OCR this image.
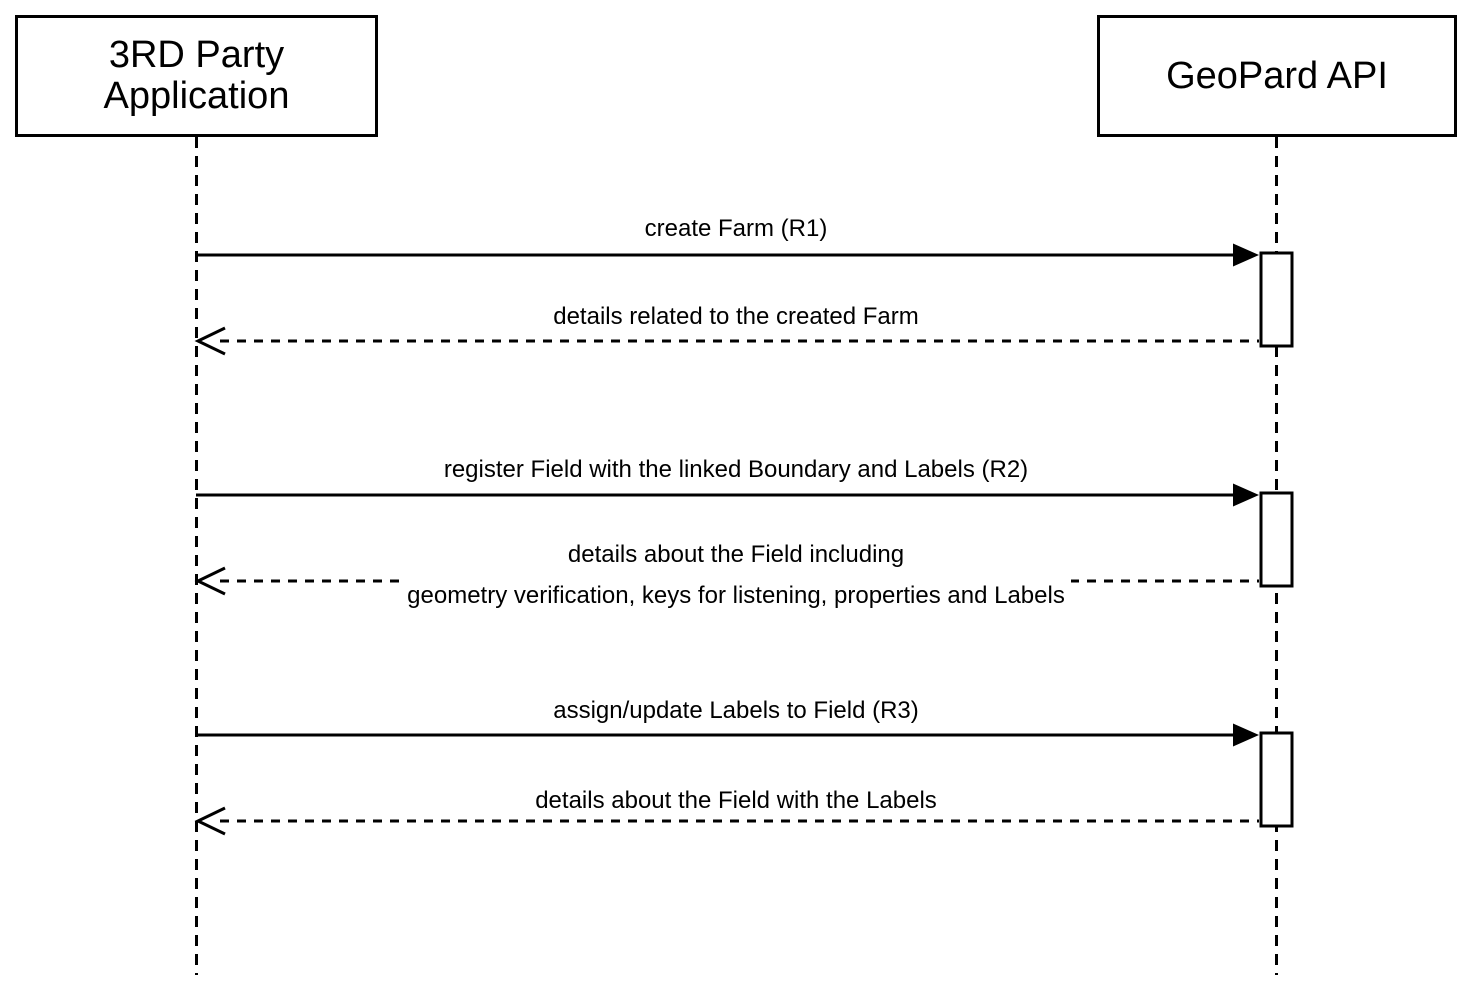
3RD Party
Application	GeoPard API
create Farm (R1)
details related to the created Farm
register Field with the linked Boundary and Labels (R2)
details about the Field including
geometry verification, keys for listening, properties and Labels
assign/update Labels to Field (R3)
details about the Field with the Labels
